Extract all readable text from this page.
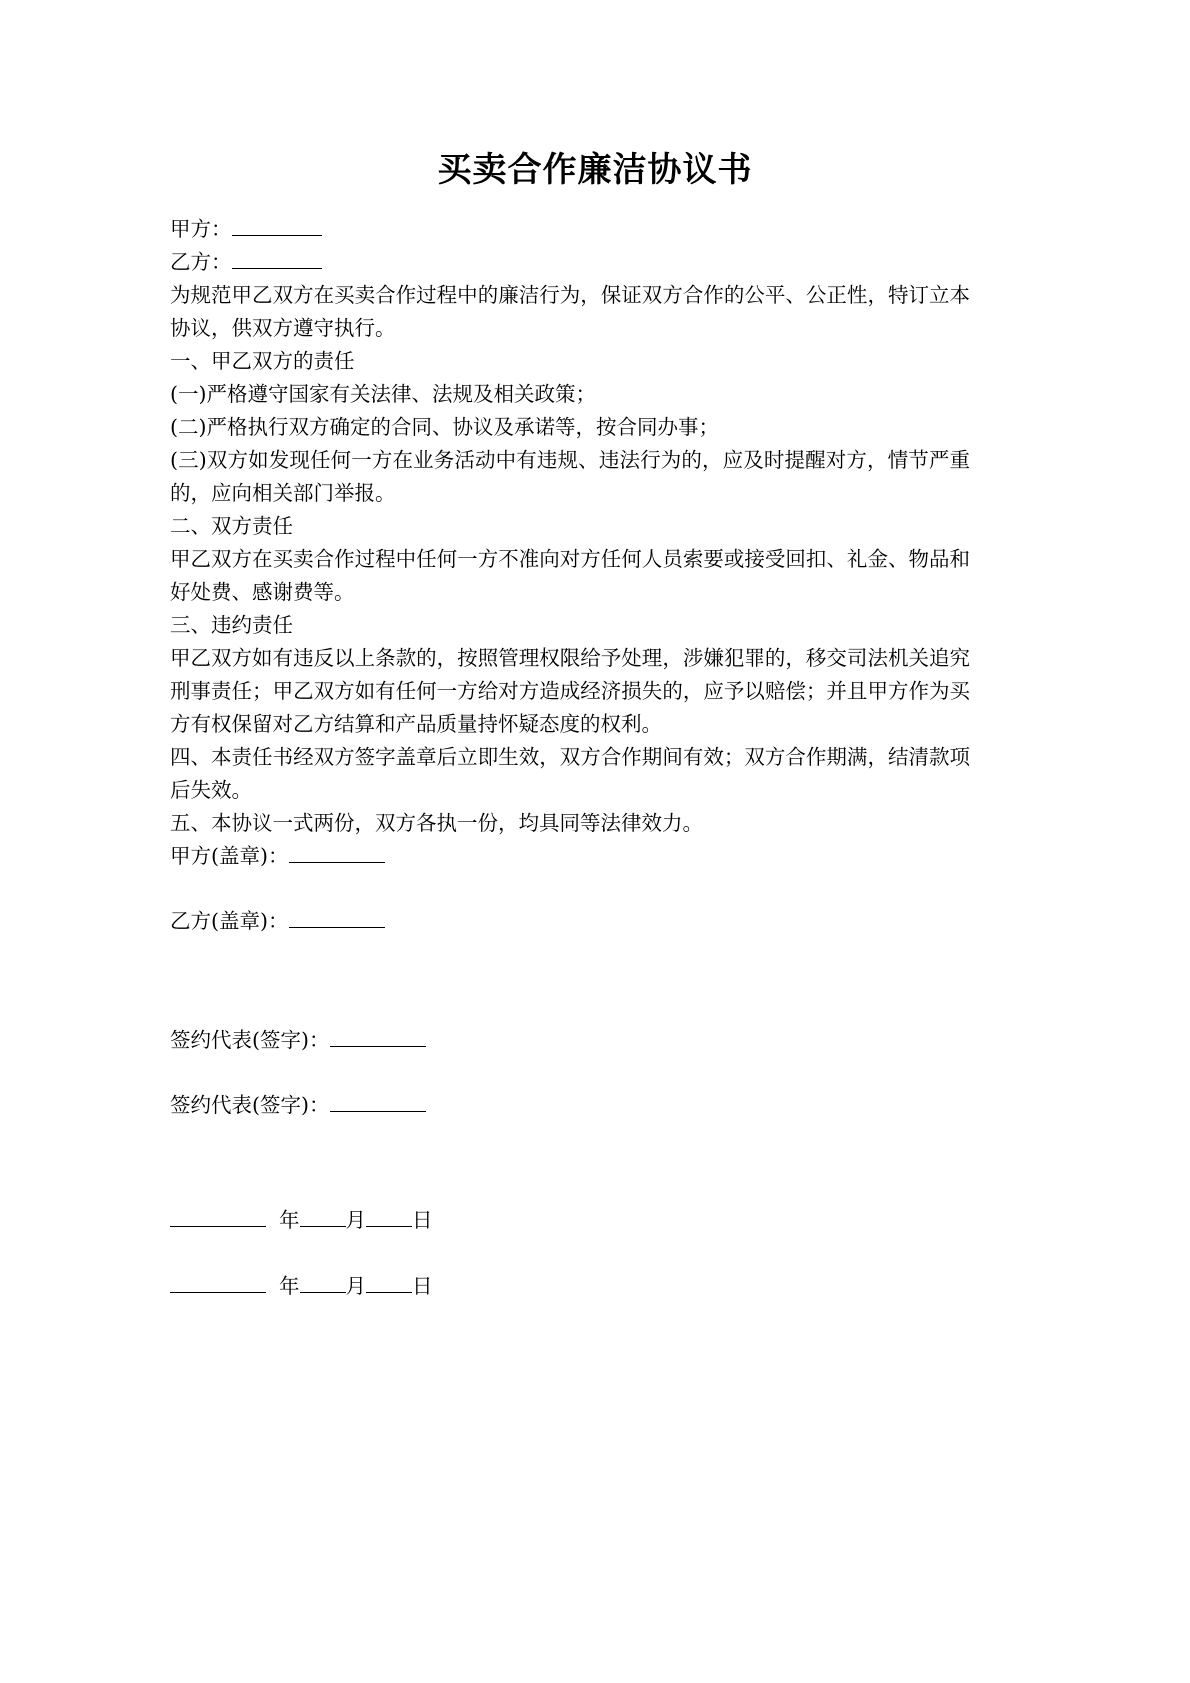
买卖合作廉洁协议书

甲方：

乙方：

为规范甲乙双方在买卖合作过程中的廉洁行为，保证双方合作的公平、公正性，特订立本协议，供双方遵守执行。

一、甲乙双方的责任

(一)严格遵守国家有关法律、法规及相关政策；

(二)严格执行双方确定的合同、协议及承诺等，按合同办事；

(三)双方如发现任何一方在业务活动中有违规、违法行为的，应及时提醒对方，情节严重的，应向相关部门举报。

二、双方责任

甲乙双方在买卖合作过程中任何一方不准向对方任何人员索要或接受回扣、礼金、物品和好处费、感谢费等。

三、违约责任

甲乙双方如有违反以上条款的，按照管理权限给予处理，涉嫌犯罪的，移交司法机关追究刑事责任；甲乙双方如有任何一方给对方造成经济损失的，应予以赔偿；并且甲方作为买方有权保留对乙方结算和产品质量持怀疑态度的权利。

四、本责任书经双方签字盖章后立即生效，双方合作期间有效；双方合作期满，结清款项后失效。

五、本协议一式两份，双方各执一份，均具同等法律效力。

甲方(盖章)：

乙方(盖章)：

签约代表(签字)：

签约代表(签字)：

年 月 日

年 月 日
